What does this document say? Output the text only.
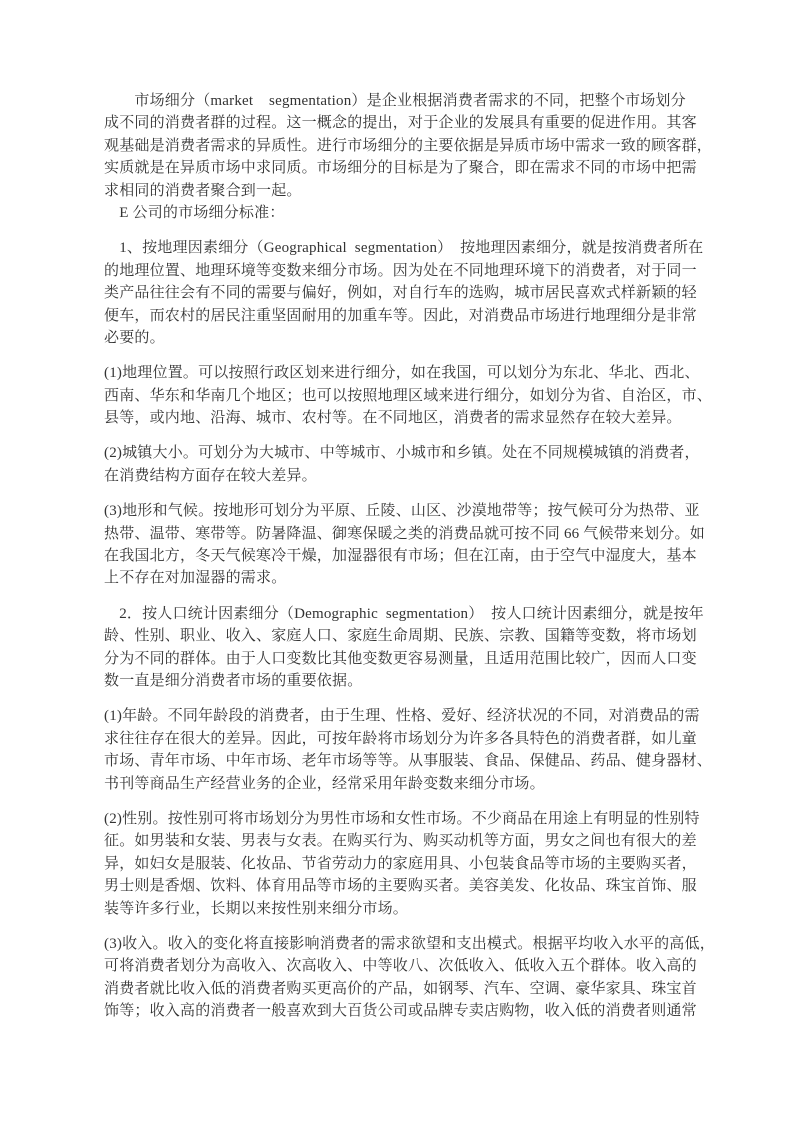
　　市场细分（market    segmentation）是企业根据消费者需求的不同，把整个市场划分
成不同的消费者群的过程。这一概念的提出，对于企业的发展具有重要的促进作用。其客
观基础是消费者需求的异质性。进行市场细分的主要依据是异质市场中需求一致的顾客群，
实质就是在异质市场中求同质。市场细分的目标是为了聚合，即在需求不同的市场中把需
求相同的消费者聚合到一起。
　E 公司的市场细分标准：
　1、按地理因素细分（Geographical  segmentation）　按地理因素细分，就是按消费者所在
的地理位置、地理环境等变数来细分市场。因为处在不同地理环境下的消费者，对于同一
类产品往往会有不同的需要与偏好，例如，对自行车的选购，城市居民喜欢式样新颖的轻
便车，而农村的居民注重坚固耐用的加重车等。因此，对消费品市场进行地理细分是非常
必要的。
(1)地理位置。可以按照行政区划来进行细分，如在我国，可以划分为东北、华北、西北、
西南、华东和华南几个地区；也可以按照地理区域来进行细分，如划分为省、自治区，市、
县等，或内地、沿海、城市、农村等。在不同地区，消费者的需求显然存在较大差异。
(2)城镇大小。可划分为大城市、中等城市、小城市和乡镇。处在不同规模城镇的消费者，
在消费结构方面存在较大差异。
(3)地形和气候。按地形可划分为平原、丘陵、山区、沙漠地带等；按气候可分为热带、亚
热带、温带、寒带等。防暑降温、御寒保暖之类的消费品就可按不同 66 气候带来划分。如
在我国北方，冬天气候寒冷干燥，加湿器很有市场；但在江南，由于空气中湿度大，基本
上不存在对加湿器的需求。
　2．按人口统计因素细分（Demographic  segmentation）　按人口统计因素细分，就是按年
龄、性别、职业、收入、家庭人口、家庭生命周期、民族、宗教、国籍等变数，将市场划
分为不同的群体。由于人口变数比其他变数更容易测量，且适用范围比较广，因而人口变
数一直是细分消费者市场的重要依据。
(1)年龄。不同年龄段的消费者，由于生理、性格、爱好、经济状况的不同，对消费品的需
求往往存在很大的差异。因此，可按年龄将市场划分为许多各具特色的消费者群，如儿童
市场、青年市场、中年市场、老年市场等等。从事服装、食品、保健品、药品、健身器材、
书刊等商品生产经营业务的企业，经常采用年龄变数来细分市场。
(2)性别。按性别可将市场划分为男性市场和女性市场。不少商品在用途上有明显的性别特
征。如男装和女装、男表与女表。在购买行为、购买动机等方面，男女之间也有很大的差
异，如妇女是服装、化妆品、节省劳动力的家庭用具、小包装食品等市场的主要购买者，
男士则是香烟、饮料、体育用品等市场的主要购买者。美容美发、化妆品、珠宝首饰、服
装等许多行业，长期以来按性别来细分市场。
(3)收入。收入的变化将直接影响消费者的需求欲望和支出模式。根据平均收入水平的高低，
可将消费者划分为高收入、次高收入、中等收八、次低收入、低收入五个群体。收入高的
消费者就比收入低的消费者购买更高价的产品，如钢琴、汽车、空调、豪华家具、珠宝首
饰等；收入高的消费者一般喜欢到大百货公司或品牌专卖店购物，收入低的消费者则通常
